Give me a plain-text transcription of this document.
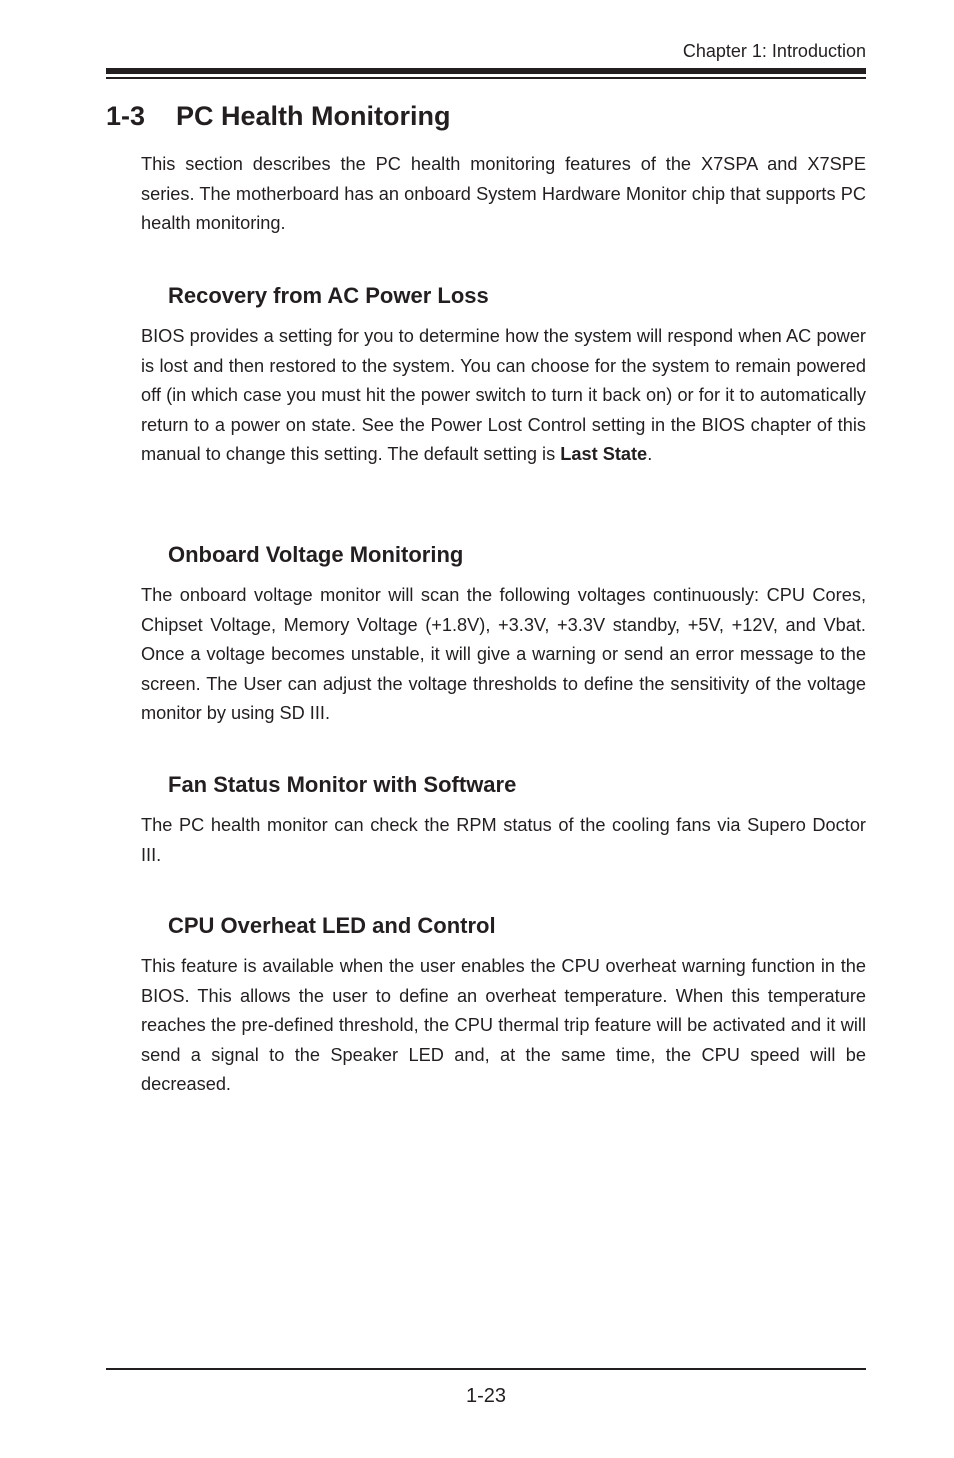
Chapter 1: Introduction
1-3 PC Health Monitoring

This section describes the PC health monitoring features of the X7SPA and X7SPE series. The motherboard has an onboard System Hardware Monitor chip that supports PC health monitoring.

Recovery from AC Power Loss

BIOS provides a setting for you to determine how the system will respond when AC power is lost and then restored to the system. You can choose for the system to remain powered off (in which case you must hit the power switch to turn it back on) or for it to automatically return to a power on state. See the Power Lost Control setting in the BIOS chapter of this manual to change this setting. The default setting is Last State.

Onboard Voltage Monitoring

The onboard voltage monitor will scan the following voltages continuously: CPU Cores, Chipset Voltage, Memory Voltage (+1.8V), +3.3V, +3.3V standby, +5V, +12V, and Vbat. Once a voltage becomes unstable, it will give a warning or send an error message to the screen. The User can adjust the voltage thresholds to define the sensitivity of the voltage monitor by using SD III.

Fan Status Monitor with Software

The PC health monitor can check the RPM status of the cooling fans via Supero Doctor III.

CPU Overheat LED and Control

This feature is available when the user enables the CPU overheat warning function in the BIOS. This allows the user to define an overheat temperature. When this temperature reaches the pre-defined threshold, the CPU thermal trip feature will be activated and it will send a signal to the Speaker LED and, at the same time, the CPU speed will be decreased.

1-23
